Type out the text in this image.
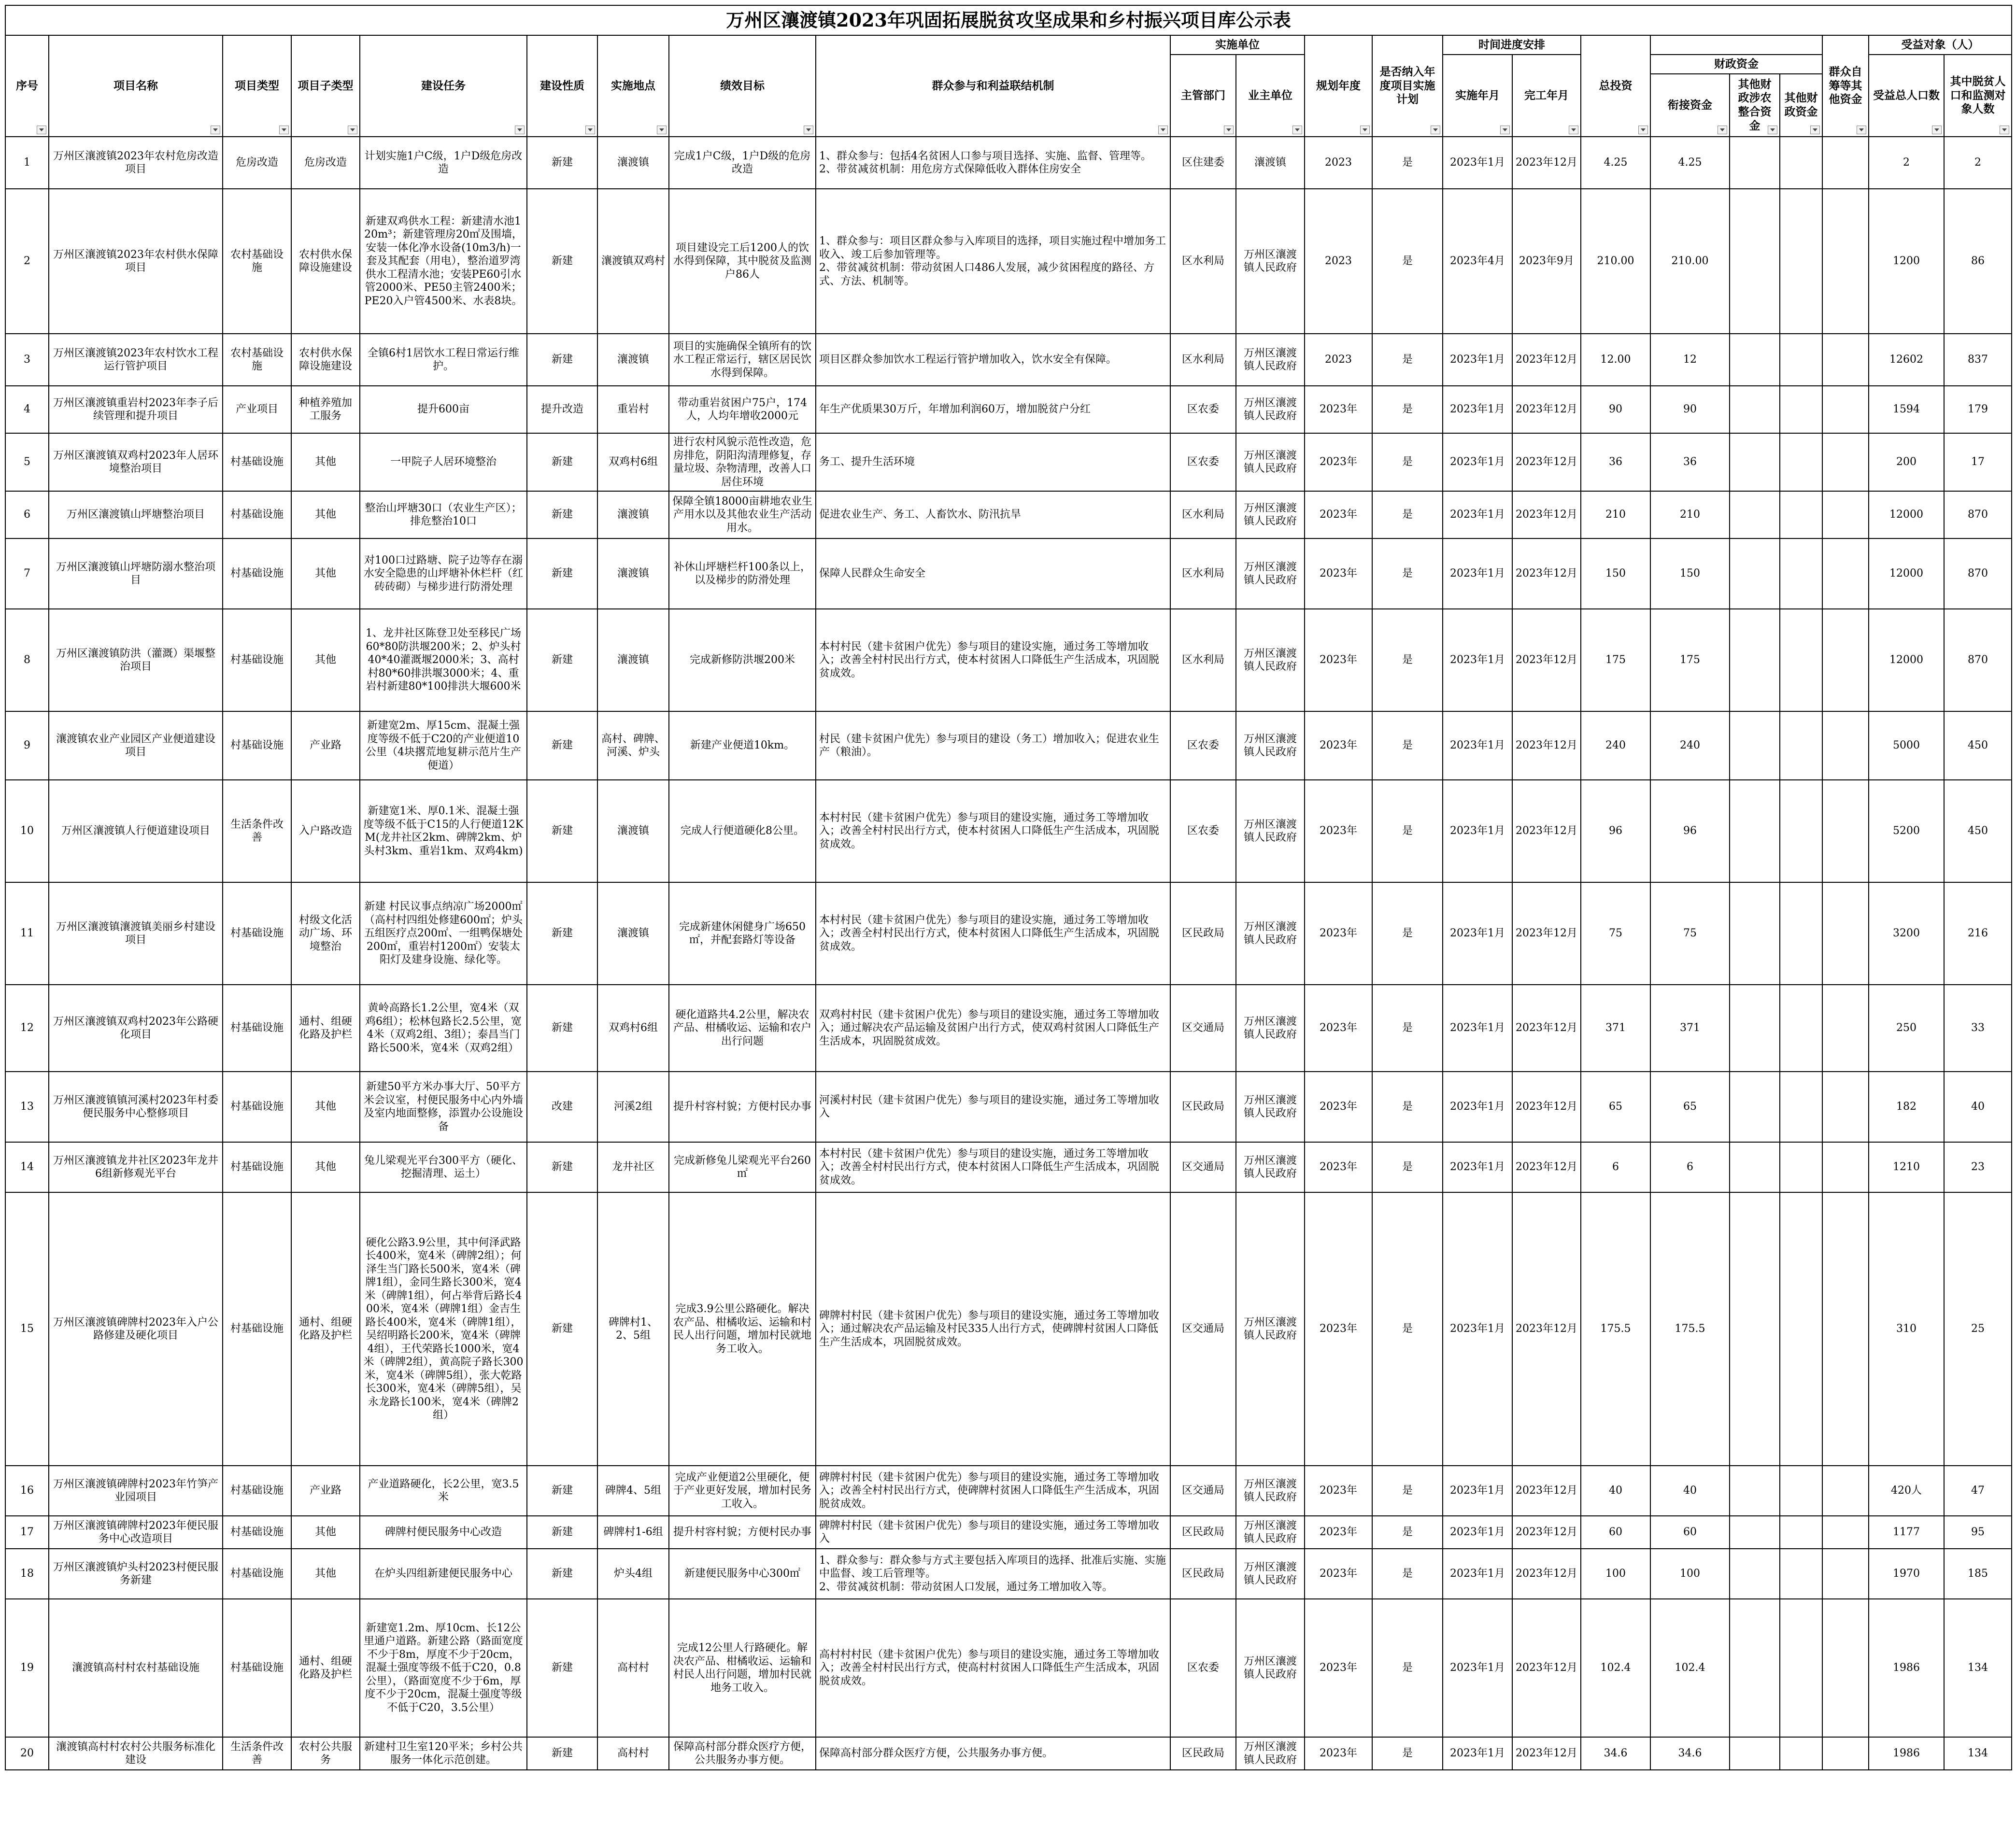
万州区瀼渡镇2023年巩固拓展脱贫攻坚成果和乡村振兴项目库公示表																					
序号	项目名称	项目类型	项目子类型	建设任务	建设性质	实施地点	绩效目标	群众参与和利益联结机制	实施单位		规划年度	是否纳入年度项目实施计划	时间进度安排		总投资				群众自筹等其他资金	受益对象（人）	
									主管部门	业主单位			实施年月	完工年月		财政资金				受益总人口数	其中脱贫人口和监测对象人数

																衔接资金	其他财政涉农整合资金	其他财政资金			

1	万州区瀼渡镇2023年农村危房改造项目	危房改造	危房改造	计划实施1户C级，1户D级危房改造	新建	瀼渡镇	完成1户C级，1户D级的危房改造	1、群众参与：包括4名贫困人口参与项目选择、实施、监督、管理等。 2、带贫减贫机制：用危房方式保障低收入群体住房安全	区住建委	瀼渡镇	2023	是	2023年1月	2023年12月	4.25	4.25				2	2
2	万州区瀼渡镇2023年农村供水保障项目	农村基础设施	农村供水保障设施建设	新建双鸡供水工程：新建清水池120m³；新建管理房20㎡及围墙，安装一体化净水设备(10m3/h)一套及其配套（用电），整治道罗湾供水工程清水池；安装PE60引水管2000米、PE50主管2400米；PE20入户管4500米、水表8块。	新建	瀼渡镇双鸡村	项目建设完工后1200人的饮水得到保障，其中脱贫及监测户86人	1、群众参与：项目区群众参与入库项目的选择，项目实施过程中增加务工收入、竣工后参加管理等。
2、带贫减贫机制：带动贫困人口486人发展，减少贫困程度的路径、方式、方法、机制等。	区水利局	万州区瀼渡镇人民政府	2023	是	2023年4月	2023年9月	210.00	210.00				1200	86
3	万州区瀼渡镇2023年农村饮水工程运行管护项目	农村基础设施	农村供水保障设施建设	全镇6村1居饮水工程日常运行维护。	新建	瀼渡镇	项目的实施确保全镇所有的饮水工程正常运行，辖区居民饮水得到保障。	项目区群众参加饮水工程运行管护增加收入，饮水安全有保障。	区水利局	万州区瀼渡镇人民政府	2023	是	2023年1月	2023年12月	12.00	12				12602	837
4	万州区瀼渡镇重岩村2023年李子后续管理和提升项目	产业项目	种植养殖加工服务	提升600亩	提升改造	重岩村	带动重岩贫困户75户，174人，人均年增收2000元	年生产优质果30万斤，年增加利润60万，增加脱贫户分红	区农委	万州区瀼渡镇人民政府	2023年	是	2023年1月	2023年12月	90	90				1594	179
5	万州区瀼渡镇双鸡村2023年人居环境整治项目	村基础设施	其他	一甲院子人居环境整治	新建	双鸡村6组	进行农村风貌示范性改造，危房排危，阴阳沟清理修复，存量垃圾、杂物清理，改善人口居住环境	务工、提升生活环境	区农委	万州区瀼渡镇人民政府	2023年	是	2023年1月	2023年12月	36	36				200	17
6	万州区瀼渡镇山坪塘整治项目	村基础设施	其他	整治山坪塘30口（农业生产区）；排危整治10口	新建	瀼渡镇	保障全镇18000亩耕地农业生产用水以及其他农业生产活动用水。	促进农业生产、务工、人畜饮水、防汛抗旱	区水利局	万州区瀼渡镇人民政府	2023年	是	2023年1月	2023年12月	210	210				12000	870
7	万州区瀼渡镇山坪塘防溺水整治项目	村基础设施	其他	对100口过路塘、院子边等存在溺水安全隐患的山坪塘补休栏杆（红砖砖砌）与梯步进行防滑处理	新建	瀼渡镇	补休山坪塘栏杆100条以上，以及梯步的防滑处理	保障人民群众生命安全	区水利局	万州区瀼渡镇人民政府	2023年	是	2023年1月	2023年12月	150	150				12000	870
8	万州区瀼渡镇防洪（灌溉）渠堰整治项目	村基础设施	其他	1、龙井社区陈登卫处至移民广场60*80防洪堰200米；2、炉头村40*40灌溉堰2000米；3、高村村80*60排洪堰3000米；4、重岩村新建80*100排洪大堰600米	新建	瀼渡镇	完成新修防洪堰200米	本村村民（建卡贫困户优先）参与项目的建设实施，通过务工等增加收入；改善全村村民出行方式，使本村贫困人口降低生产生活成本，巩固脱贫成效。	区水利局	万州区瀼渡镇人民政府	2023年	是	2023年1月	2023年12月	175	175				12000	870
9	瀼渡镇农业产业园区产业便道建设项目	村基础设施	产业路	新建宽2m、厚15cm、混凝土强度等级不低于C20的产业便道10公里（4块撂荒地复耕示范片生产便道）	新建	高村、碑牌、河溪、炉头	新建产业便道10km。	村民（建卡贫困户优先）参与项目的建设（务工）增加收入；促进农业生产（粮油）。	区农委	万州区瀼渡镇人民政府	2023年	是	2023年1月	2023年12月	240	240				5000	450
10	万州区瀼渡镇人行便道建设项目	生活条件改善	入户路改造	新建宽1米、厚0.1米、混凝土强度等级不低于C15的人行便道12KM(龙井社区2km、碑牌2km、炉头村3km、重岩1km、双鸡4km)	新建	瀼渡镇	完成人行便道硬化8公里。	本村村民（建卡贫困户优先）参与项目的建设实施，通过务工等增加收入；改善全村村民出行方式，使本村贫困人口降低生产生活成本，巩固脱贫成效。	区农委	万州区瀼渡镇人民政府	2023年	是	2023年1月	2023年12月	96	96				5200	450
11	万州区瀼渡镇瀼渡镇美丽乡村建设项目	村基础设施	村级文化活动广场、环境整治	新建 村民议事点纳凉广场2000㎡（高村村四组处修建600㎡；炉头五组医疗点200㎡、一组鸭保塘处200㎡，重岩村1200㎡）安装太阳灯及建身设施、绿化等。	新建	瀼渡镇	完成新建休闲健身广场650㎡，并配套路灯等设备	本村村民（建卡贫困户优先）参与项目的建设实施，通过务工等增加收入；改善全村村民出行方式，使本村贫困人口降低生产生活成本，巩固脱贫成效。	区民政局	万州区瀼渡镇人民政府	2023年	是	2023年1月	2023年12月	75	75				3200	216
12	万州区瀼渡镇双鸡村2023年公路硬化项目	村基础设施	通村、组硬化路及护栏	黄岭高路长1.2公里，宽4米（双鸡6组）；松林包路长2.5公里，宽4米（双鸡2组、3组）；泰昌当门路长500米，宽4米（双鸡2组）	新建	双鸡村6组	硬化道路共4.2公里，解决农产品、柑橘收运、运输和农户出行问题	双鸡村村民（建卡贫困户优先）参与项目的建设实施，通过务工等增加收入；通过解决农产品运输及贫困户出行方式，使双鸡村贫困人口降低生产生活成本，巩固脱贫成效。	区交通局	万州区瀼渡镇人民政府	2023年	是	2023年1月	2023年12月	371	371				250	33
13	万州区瀼渡镇镇河溪村2023年村委便民服务中心整修项目	村基础设施	其他	新建50平方米办事大厅、50平方米会议室，村便民服务中心内外墙及室内地面整修，添置办公设施设备	改建	河溪2组	提升村容村貌；方便村民办事	河溪村村民（建卡贫困户优先）参与项目的建设实施，通过务工等增加收入	区民政局	万州区瀼渡镇人民政府	2023年	是	2023年1月	2023年12月	65	65				182	40
14	万州区瀼渡镇龙井社区2023年龙井6组新修观光平台	村基础设施	其他	兔儿梁观光平台300平方（硬化、挖掘清理、运土）	新建	龙井社区	完成新修兔儿梁观光平台260㎡	本村村民（建卡贫困户优先）参与项目的建设实施，通过务工等增加收入；改善全村村民出行方式，使本村贫困人口降低生产生活成本，巩固脱贫成效。	区交通局	万州区瀼渡镇人民政府	2023年	是	2023年1月	2023年12月	6	6				1210	23
15	万州区瀼渡镇碑牌村2023年入户公路修建及硬化项目	村基础设施	通村、组硬化路及护栏	硬化公路3.9公里，其中何泽武路长400米，宽4米（碑牌2组）；何泽生当门路长500米，宽4米（碑牌1组），金同生路长300米，宽4米（碑牌1组），何占举背后路长400米，宽4米（碑牌1组）金吉生路长400米，宽4米（碑牌1组），吴绍明路长200米，宽4米（碑牌4组），王代荣路长1000米，宽4米（碑牌2组），黄高院子路长300米，宽4米（碑牌5组），张大乾路长300米，宽4米（碑牌5组），吴永龙路长100米，宽4米（碑牌2组）	新建	碑牌村1、2、5组	完成3.9公里公路硬化。解决农产品、柑橘收运、运输和村民人出行问题，增加村民就地务工收入。	碑牌村村民（建卡贫困户优先）参与项目的建设实施，通过务工等增加收入；通过解决农产品运输及村民335人出行方式，使碑牌村贫困人口降低生产生活成本，巩固脱贫成效。	区交通局	万州区瀼渡镇人民政府	2023年	是	2023年1月	2023年12月	175.5	175.5				310	25
16	万州区瀼渡镇碑牌村2023年竹笋产业园项目	村基础设施	产业路	产业道路硬化，长2公里，宽3.5米	新建	碑牌4、5组	完成产业便道2公里硬化，便于产业更好发展，增加村民务工收入。	碑牌村村民（建卡贫困户优先）参与项目的建设实施，通过务工等增加收入；改善全村村民出行方式，使碑牌村贫困人口降低生产生活成本，巩固脱贫成效。	区交通局	万州区瀼渡镇人民政府	2023年	是	2023年1月	2023年12月	40	40				420人	47
17	万州区瀼渡镇碑牌村2023年便民服务中心改造项目	村基础设施	其他	碑牌村便民服务中心改造	新建	碑牌村1-6组	提升村容村貌；方便村民办事	碑牌村村民（建卡贫困户优先）参与项目的建设实施，通过务工等增加收入	区民政局	万州区瀼渡镇人民政府	2023年	是	2023年1月	2023年12月	60	60				1177	95
18	万州区瀼渡镇炉头村2023村便民服务新建	村基础设施	其他	在炉头四组新建便民服务中心	新建	炉头4组	新建便民服务中心300㎡	1、群众参与：群众参与方式主要包括入库项目的选择、批准后实施、实施中监督、竣工后管理等。
2、带贫减贫机制：带动贫困人口发展，通过务工增加收入等。	区民政局	万州区瀼渡镇人民政府	2023年	是	2023年1月	2023年12月	100	100				1970	185
19	瀼渡镇高村村农村基础设施	村基础设施	通村、组硬化路及护栏	新建宽1.2m、厚10cm、长12公里通户道路。新建公路（路面宽度不少于8m，厚度不少于20cm，混凝土强度等级不低于C20，0.8公里），（路面宽度不少于6m，厚度不少于20cm，混凝土强度等级不低于C20，3.5公里）	新建	高村村	完成12公里人行路硬化。解决农产品、柑橘收运、运输和村民人出行问题，增加村民就地务工收入。	高村村村民（建卡贫困户优先）参与项目的建设实施，通过务工等增加收入；改善全村村民出行方式，使高村村贫困人口降低生产生活成本，巩固脱贫成效。	区农委	万州区瀼渡镇人民政府	2023年	是	2023年1月	2023年12月	102.4	102.4				1986	134
20	瀼渡镇高村村农村公共服务标准化建设	生活条件改善	农村公共服务	新建村卫生室120平米；乡村公共服务一体化示范创建。	新建	高村村	保障高村部分群众医疗方便，公共服务办事方便。	保障高村部分群众医疗方便，公共服务办事方便。	区民政局	万州区瀼渡镇人民政府	2023年	是	2023年1月	2023年12月	34.6	34.6				1986	134
